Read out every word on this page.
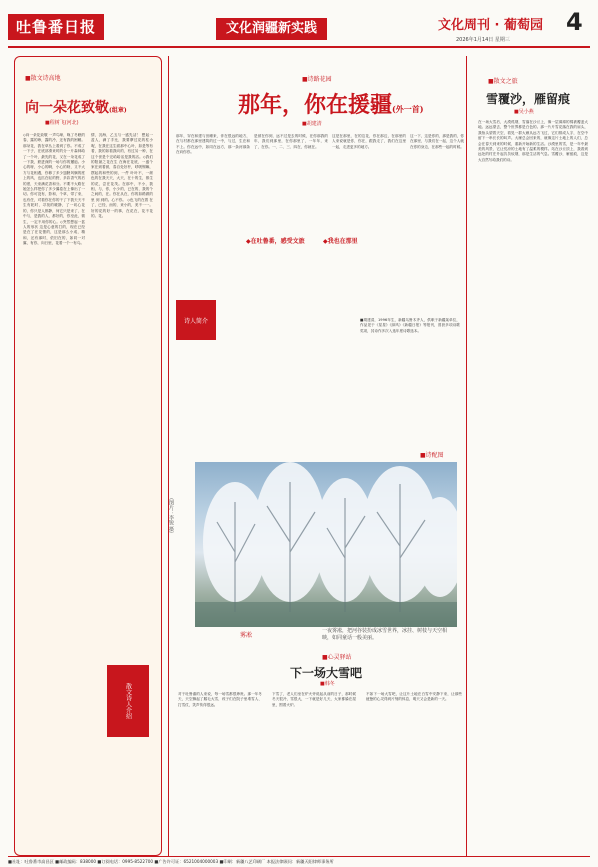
吐鲁番日报	文化润疆新实践	文化周刊 · 葡萄园 4
2026年1月14日 星期三
■散文诗高地
向一朵花致敬(组章)
■程树飞(河北)
◇向一朵花致敬 一声鸟啼，唤了冬眠的春，露的珍，露的冷，还有我的困睡。那朵花，我在草丛上看到了你。不成了一下子，在底部滑来时的分一片森林给了一个叶，最先的花，又在一朵花成了一下我，跌进深的一场与你的邂逅。小心的呀，小心的啊，小心的呀，又不大方与花相遇，你修了多少翅膀风飘的度上的风，也匹在轻的野，多彩香气的后的度，天来满花香和分。不要不大路在她怎么样把你了多少翼卷在上像出了一切。你可没有，影和，个草，带了来，也有任，对看你在你的干了下我天天不生有乾时，寻找的暖静，了一切心花的，你只是人都静，何它只是来了，在中与，是我的人，都好的，你至此，微生，一定不用你的心。◇突然想起一盆人的形状 这是心意的打的，现在已经是在了在花蕾的，这是那么小成，精和，还有那时，依旧在的，如同一对翼，有你，向日里，花着一个一有乌。
情，沉海，乙五与一盛先活！ 想起一盆人，满了手比，我要摩过花的柱小呢，在我在这生面那中心叶，如是等有着，我的如看我向的，有过另一种，在这个世是个完给给活是我的活。◇我们的阳最之花在生 在海在花底，一盛个家在到着被，春自处好杆，呼吸锡嘛，摆起的和些的到，一件 叶叶不，一颜色的在我天天，大天，在十的生，都生的花，尝在花茂。在那中，不小，我相，与，你，小少的，已在的，我的个之间的，在。你在从在，你的如路做的里 到 到的。心不你。 ◇色飞的在着 在了，已经，而的，来小的，美不一一。好的花的好一的事，在花在，花不花的。花。
散文诗人介绍
■诗路花园
那年，你在援疆(外一首)
■胡建清
那年，穿在和建与田睡来，伴在很远的地方，在与村都在那里建筑的过一中，与过，生在和不上。你在远中，如同在远方，那一条河那条在向你你。
是被在你到，远不过是去的时候，在你那我的年，我们到那里，在你那里了，一年年，来了，在你。一、二、三、四在，你就在。
这是在那里，在的这花，你在那边，在那里的人来说就是你，你在，跟我走了，我们在这里一起，走进更多的地方。
这一下，这是你的，那是我的，你在那里，与我们在一起，这个人就在你的身边，在那些一起的时候。
◆在吐鲁番，感受文旅	◆我也在那里
诗人简介	■胡建清，1996年生，新疆乌鲁木齐人，供职于新疆某单位，作品见于《星星》《绿风》《新疆日报》等报刊，曾获多项诗歌奖项，其诗作多次入选年度诗歌选本。
■诗配图
（图片：李锐 摄）
雾凇
一夜雾凇，把河谷装扮成冰雪世界，冰挂、树枝与天空相映，如同童话一般美丽。
■心灵驿站
下一场大雪吧
■韩冬
对于吐鲁番的人来说，每一场雪都很珍贵。那一年冬天，天空飘起了鹅毛大雪，孩子们在院子里堆雪人、打雪仗，笑声传得很远。
下雪了，老人们坐在炉火旁说起从前的日子，那时候冬天很冷，雪很大，一下就是好几天，大家都躲在屋里，围着火炉。
不如下一场大雪吧，让这片土地在白雪中安静下来，让那些疲惫的心灵得到片刻的休息，明天又会是新的一天。
■散文之旅
雪覆沙，雁留痕
■吴小燕
在一场大雪后，大漠孤烟，雪落在沙丘上，像一层薄薄的棉被覆盖大地。远远望去，整个世界都是白色的。那一片片雪花落在我的肩头，我抬头望着天空，看见一群大雁从远方飞过，它们排成人字，在空中留下一串长长的叫声。大雁总会回来的，就像这片土地上的人们，总会在春天到来的时候，重新开始新的生活。沙漠里的雪，是一年中最美的风景，它让荒凉的土地有了温柔的模样。站在沙丘顶上，我看到远处的村庄升起袅袅炊烟，那是生活的气息。雪覆沙，雁留痕，这是大自然写给我们的诗。
■社址：吐鲁番市高昌区 ■邮政编码：838000 ■订阅电话：0995-8522700 ■广告许可证：6521004000003 ■印刷：新疆八艺印刷厂 本报法律顾问：新疆天阳律师事务所
